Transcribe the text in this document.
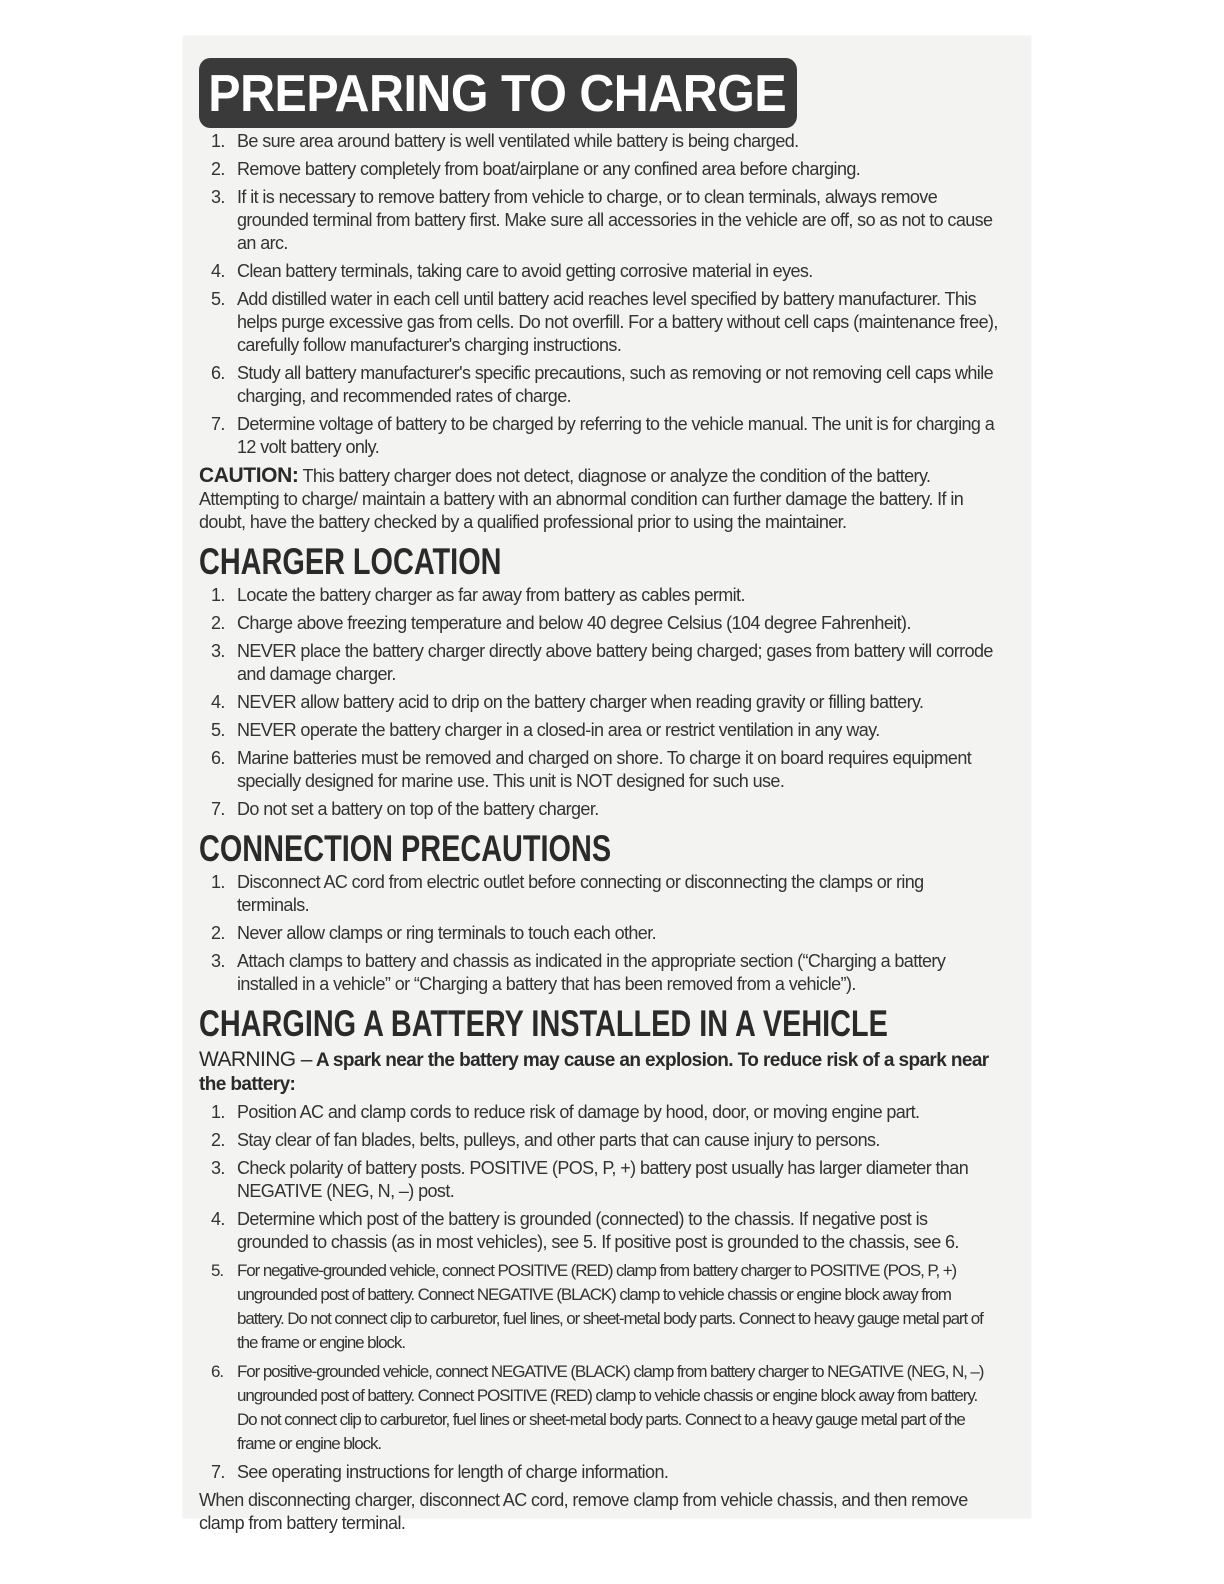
PREPARING TO CHARGE
1. Be sure area around battery is well ventilated while battery is being charged.
2. Remove battery completely from boat/airplane or any confined area before charging.
3. If it is necessary to remove battery from vehicle to charge, or to clean terminals, always remove grounded terminal from battery first. Make sure all accessories in the vehicle are off, so as not to cause an arc.
4. Clean battery terminals, taking care to avoid getting corrosive material in eyes.
5. Add distilled water in each cell until battery acid reaches level specified by battery manufacturer. This helps purge excessive gas from cells. Do not overfill. For a battery without cell caps (maintenance free), carefully follow manufacturer's charging instructions.
6. Study all battery manufacturer's specific precautions, such as removing or not removing cell caps while charging, and recommended rates of charge.
7. Determine voltage of battery to be charged by referring to the vehicle manual. The unit is for charging a 12 volt battery only.
CAUTION: This battery charger does not detect, diagnose or analyze the condition of the battery. Attempting to charge/ maintain a battery with an abnormal condition can further damage the battery. If in doubt, have the battery checked by a qualified professional prior to using the maintainer.
CHARGER LOCATION
1. Locate the battery charger as far away from battery as cables permit.
2. Charge above freezing temperature and below 40 degree Celsius (104 degree Fahrenheit).
3. NEVER place the battery charger directly above battery being charged; gases from battery will corrode and damage charger.
4. NEVER allow battery acid to drip on the battery charger when reading gravity or filling battery.
5. NEVER operate the battery charger in a closed-in area or restrict ventilation in any way.
6. Marine batteries must be removed and charged on shore. To charge it on board requires equipment specially designed for marine use. This unit is NOT designed for such use.
7. Do not set a battery on top of the battery charger.
CONNECTION PRECAUTIONS
1. Disconnect AC cord from electric outlet before connecting or disconnecting the clamps or ring terminals.
2. Never allow clamps or ring terminals to touch each other.
3. Attach clamps to battery and chassis as indicated in the appropriate section (“Charging a battery installed in a vehicle” or “Charging a battery that has been removed from a vehicle”).
CHARGING A BATTERY INSTALLED IN A VEHICLE
WARNING – A spark near the battery may cause an explosion. To reduce risk of a spark near the battery:
1. Position AC and clamp cords to reduce risk of damage by hood, door, or moving engine part.
2. Stay clear of fan blades, belts, pulleys, and other parts that can cause injury to persons.
3. Check polarity of battery posts. POSITIVE (POS, P, +) battery post usually has larger diameter than NEGATIVE (NEG, N, –) post.
4. Determine which post of the battery is grounded (connected) to the chassis. If negative post is grounded to chassis (as in most vehicles), see 5. If positive post is grounded to the chassis, see 6.
5. For negative-grounded vehicle, connect POSITIVE (RED) clamp from battery charger to POSITIVE (POS, P, +) ungrounded post of battery. Connect NEGATIVE (BLACK) clamp to vehicle chassis or engine block away from battery. Do not connect clip to carburetor, fuel lines, or sheet-metal body parts. Connect to heavy gauge metal part of the frame or engine block.
6. For positive-grounded vehicle, connect NEGATIVE (BLACK) clamp from battery charger to NEGATIVE (NEG, N, –) ungrounded post of battery. Connect POSITIVE (RED) clamp to vehicle chassis or engine block away from battery. Do not connect clip to carburetor, fuel lines or sheet-metal body parts. Connect to a heavy gauge metal part of the frame or engine block.
7. See operating instructions for length of charge information.
When disconnecting charger, disconnect AC cord, remove clamp from vehicle chassis, and then remove clamp from battery terminal.
